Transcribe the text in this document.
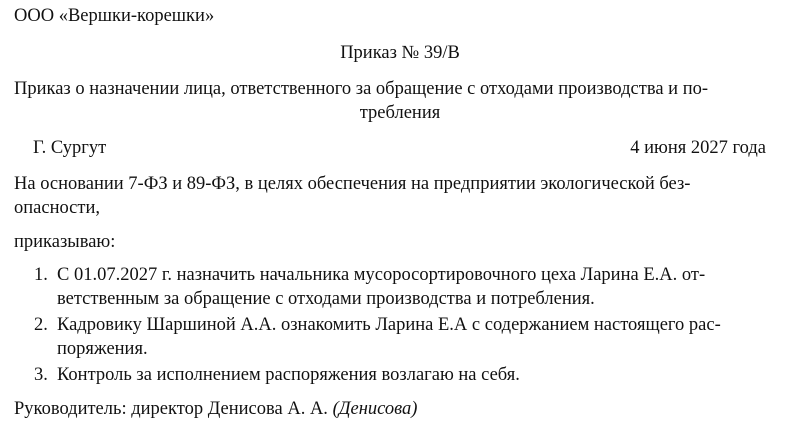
ООО «Вершки-корешки»
Приказ № 39/В
Приказ о назначении лица, ответственного за обращение с отходами производства и по-
требления
Г. Сургут	4 июня 2027 года
На основании 7-ФЗ и 89-ФЗ, в целях обеспечения на предприятии экологической без-
опасности,
приказываю:
1. С 01.07.2027 г. назначить начальника мусоросортировочного цеха Ларина Е.А. от-
ветственным за обращение с отходами производства и потребления.
2. Кадровику Шаршиной А.А. ознакомить Ларина Е.А с содержанием настоящего рас-
поряжения.
3. Контроль за исполнением распоряжения возлагаю на себя.
Руководитель: директор Денисова А. А. (Денисова)
